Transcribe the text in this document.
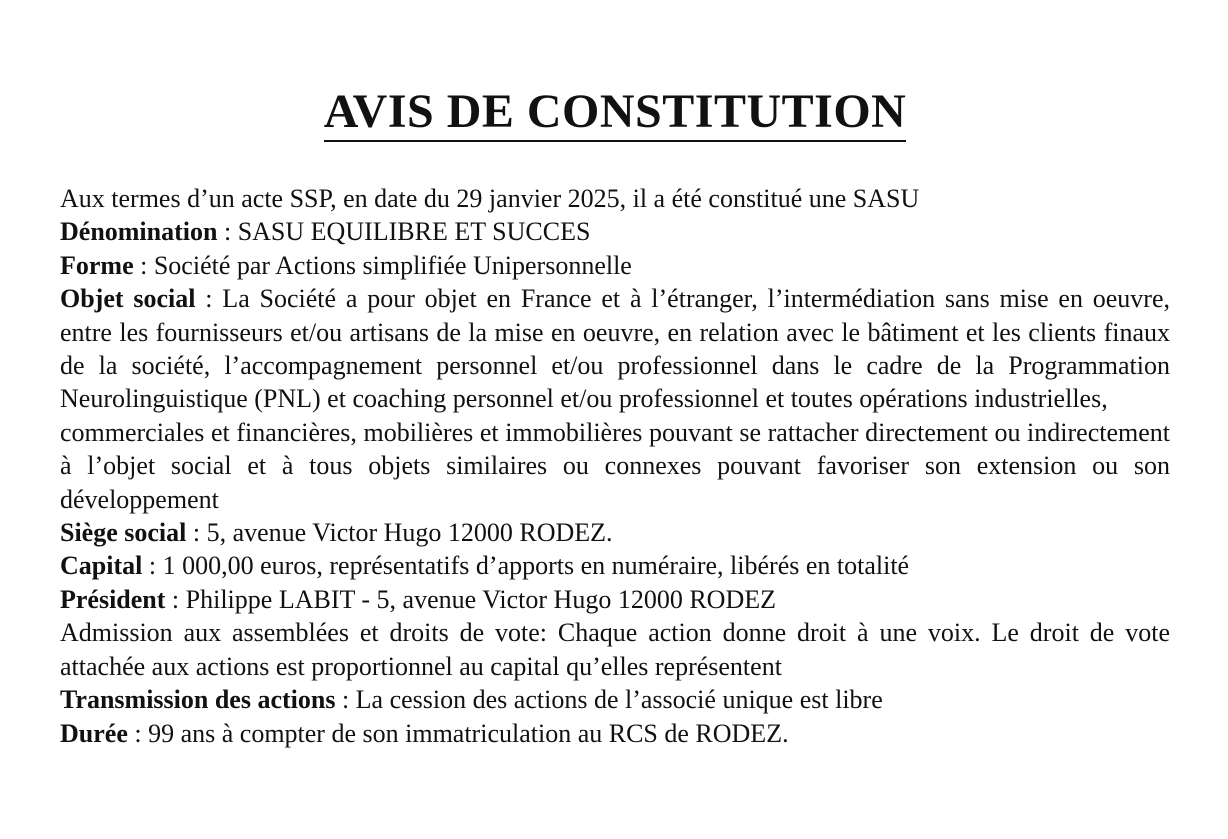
AVIS DE CONSTITUTION
Aux termes d’un acte SSP, en date du 29 janvier 2025, il a été constitué une SASU
Dénomination : SASU EQUILIBRE ET SUCCES
Forme : Société par Actions simplifiée Unipersonnelle
Objet social : La Société a pour objet en France et à l’étranger, l’intermédiation sans mise en oeuvre, entre les fournisseurs et/ou artisans de la mise en oeuvre, en relation avec le bâtiment et les clients finaux de la société, l’accompagnement personnel et/ou professionnel dans le cadre de la Programmation Neurolinguistique (PNL) et coaching personnel et/ou professionnel et toutes opérations industrielles,
commerciales et financières, mobilières et immobilières pouvant se rattacher directement ou indirectement à l’objet social et à tous objets similaires ou connexes pouvant favoriser son extension ou son développement
Siège social : 5, avenue Victor Hugo 12000 RODEZ.
Capital : 1 000,00 euros, représentatifs d’apports en numéraire, libérés en totalité
Président : Philippe LABIT - 5, avenue Victor Hugo 12000 RODEZ
Admission aux assemblées et droits de vote: Chaque action donne droit à une voix. Le droit de vote attachée aux actions est proportionnel au capital qu’elles représentent
Transmission des actions : La cession des actions de l’associé unique est libre
Durée : 99 ans à compter de son immatriculation au RCS de RODEZ.
